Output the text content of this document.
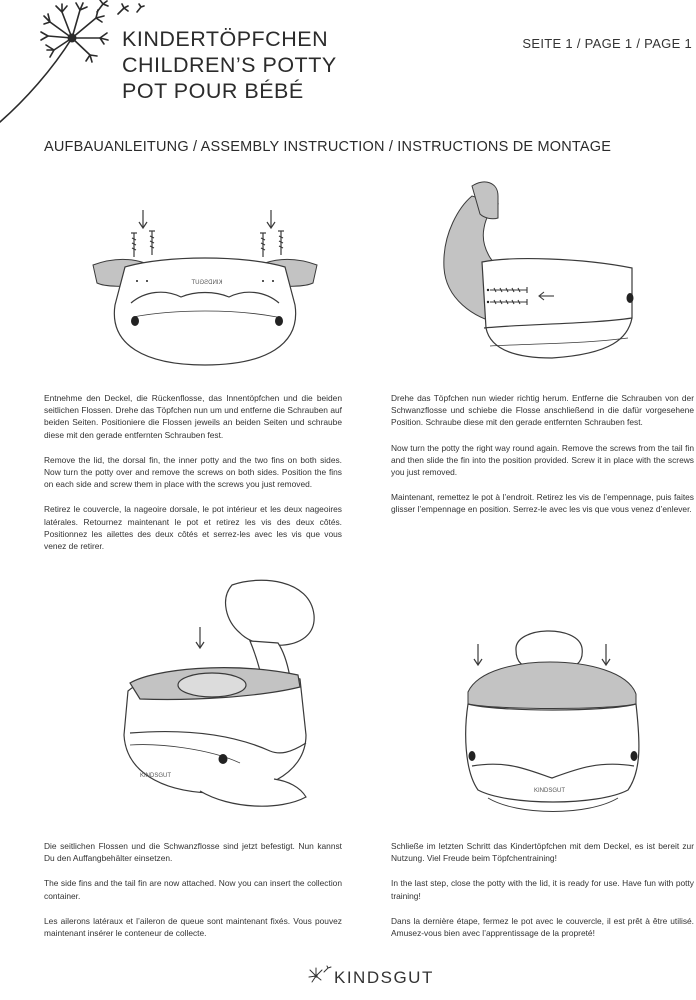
KINDERTÖPFCHEN
CHILDREN’S POTTY
POT POUR BÉBÉ
SEITE 1 / PAGE 1 / PAGE 1
AUFBAUANLEITUNG / ASSEMBLY INSTRUCTION / INSTRUCTIONS DE MONTAGE
KINDSGUT

Entnehme den Deckel, die Rückenflosse, das Innentöpfchen und die beiden seitlichen Flossen. Drehe das Töpfchen nun um und entferne die Schrauben auf beiden Seiten. Positioniere die Flossen jeweils an beiden Seiten und schraube diese mit den gerade entfernten Schrauben fest.

Remove the lid, the dorsal fin, the inner potty and the two fins on both sides. Now turn the potty over and remove the screws on both sides. Position the fins on each side and screw them in place with the screws you just removed.

Retirez le couvercle, la nageoire dorsale, le pot intérieur et les deux nageoires latérales. Retournez maintenant le pot et retirez les vis des deux côtés. Positionnez les ailettes des deux côtés et serrez-les avec les vis que vous venez de retirer.

Drehe das Töpfchen nun wieder richtig herum. Entferne die Schrauben von der Schwanzflosse und schiebe die Flosse anschließend in die dafür vorgesehene Position. Schraube diese mit den gerade entfernten Schrauben fest.

Now turn the potty the right way round again. Remove the screws from the tail fin and then slide the fin into the position provided. Screw it in place with the screws you just removed.

Maintenant, remettez le pot à l’endroit. Retirez les vis de l’empennage, puis faites glisser l’empennage en position. Serrez-le avec les vis que vous venez d’enlever.

KINDSGUT
KINDSGUT

Die seitlichen Flossen und die Schwanzflosse sind jetzt befestigt. Nun kannst Du den Auffangbehälter einsetzen.

The side fins and the tail fin are now attached. Now you can insert the collection container.

Les ailerons latéraux et l’aileron de queue sont maintenant fixés. Vous pouvez maintenant insérer le conteneur de collecte.

Schließe im letzten Schritt das Kindertöpfchen mit dem Deckel, es ist bereit zur Nutzung. Viel Freude beim Töpfchentraining!

In the last step, close the potty with the lid, it is ready for use. Have fun with potty training!

Dans la dernière étape, fermez le pot avec le couvercle, il est prêt à être utilisé. Amusez-vous bien avec l’apprentissage de la propreté!

KINDSGUT
